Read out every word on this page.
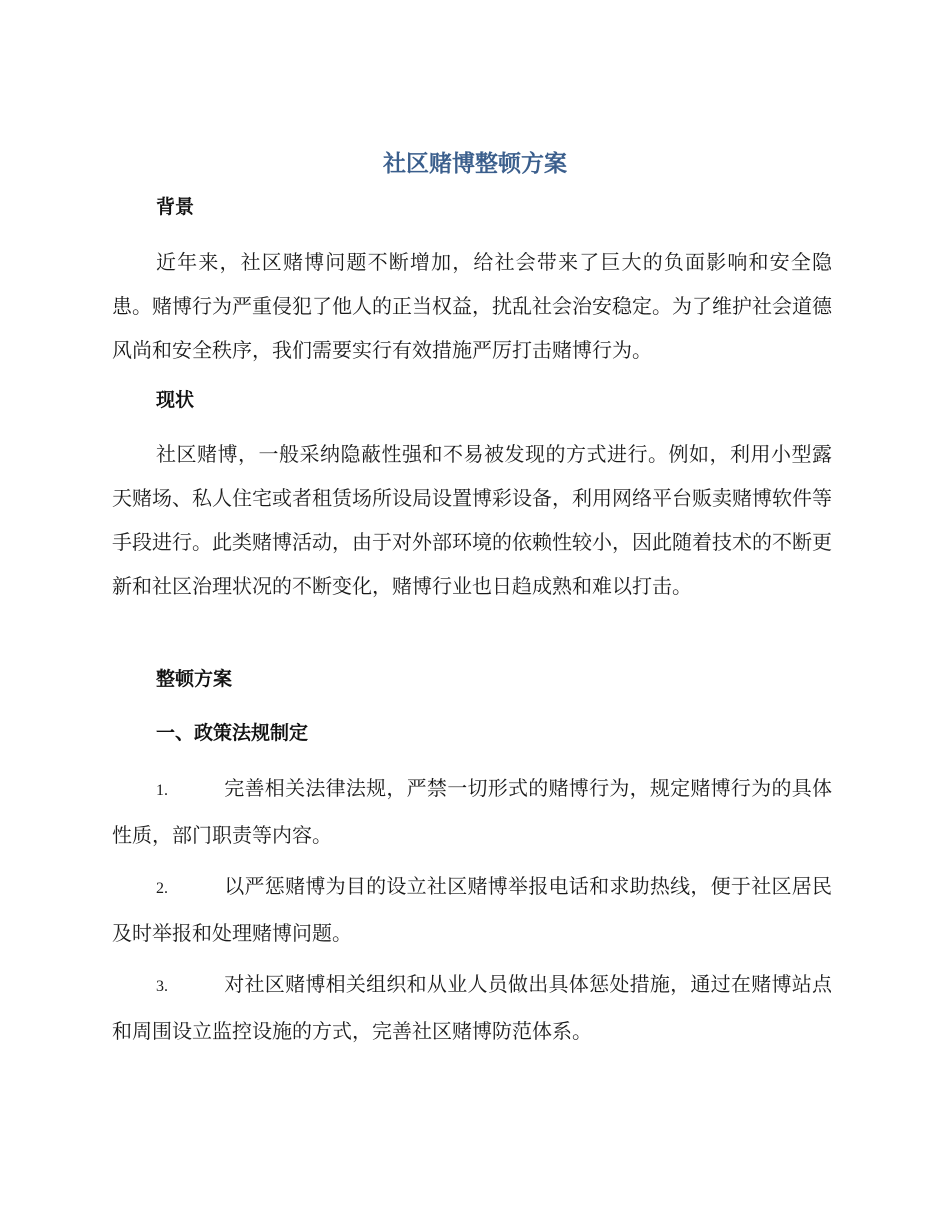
社区赌博整顿方案
背景

近年来，社区赌博问题不断增加，给社会带来了巨大的负面影响和安全隐患。赌博行为严重侵犯了他人的正当权益，扰乱社会治安稳定。为了维护社会道德风尚和安全秩序，我们需要实行有效措施严厉打击赌博行为。

现状

社区赌博，一般采纳隐蔽性强和不易被发现的方式进行。例如，利用小型露天赌场、私人住宅或者租赁场所设局设置博彩设备，利用网络平台贩卖赌博软件等手段进行。此类赌博活动，由于对外部环境的依赖性较小，因此随着技术的不断更新和社区治理状况的不断变化，赌博行业也日趋成熟和难以打击。

整顿方案
一、政策法规制定

1.	完善相关法律法规，严禁一切形式的赌博行为，规定赌博行为的具体性质，部门职责等内容。

2.	以严惩赌博为目的设立社区赌博举报电话和求助热线，便于社区居民及时举报和处理赌博问题。

3.	对社区赌博相关组织和从业人员做出具体惩处措施，通过在赌博站点和周围设立监控设施的方式，完善社区赌博防范体系。
